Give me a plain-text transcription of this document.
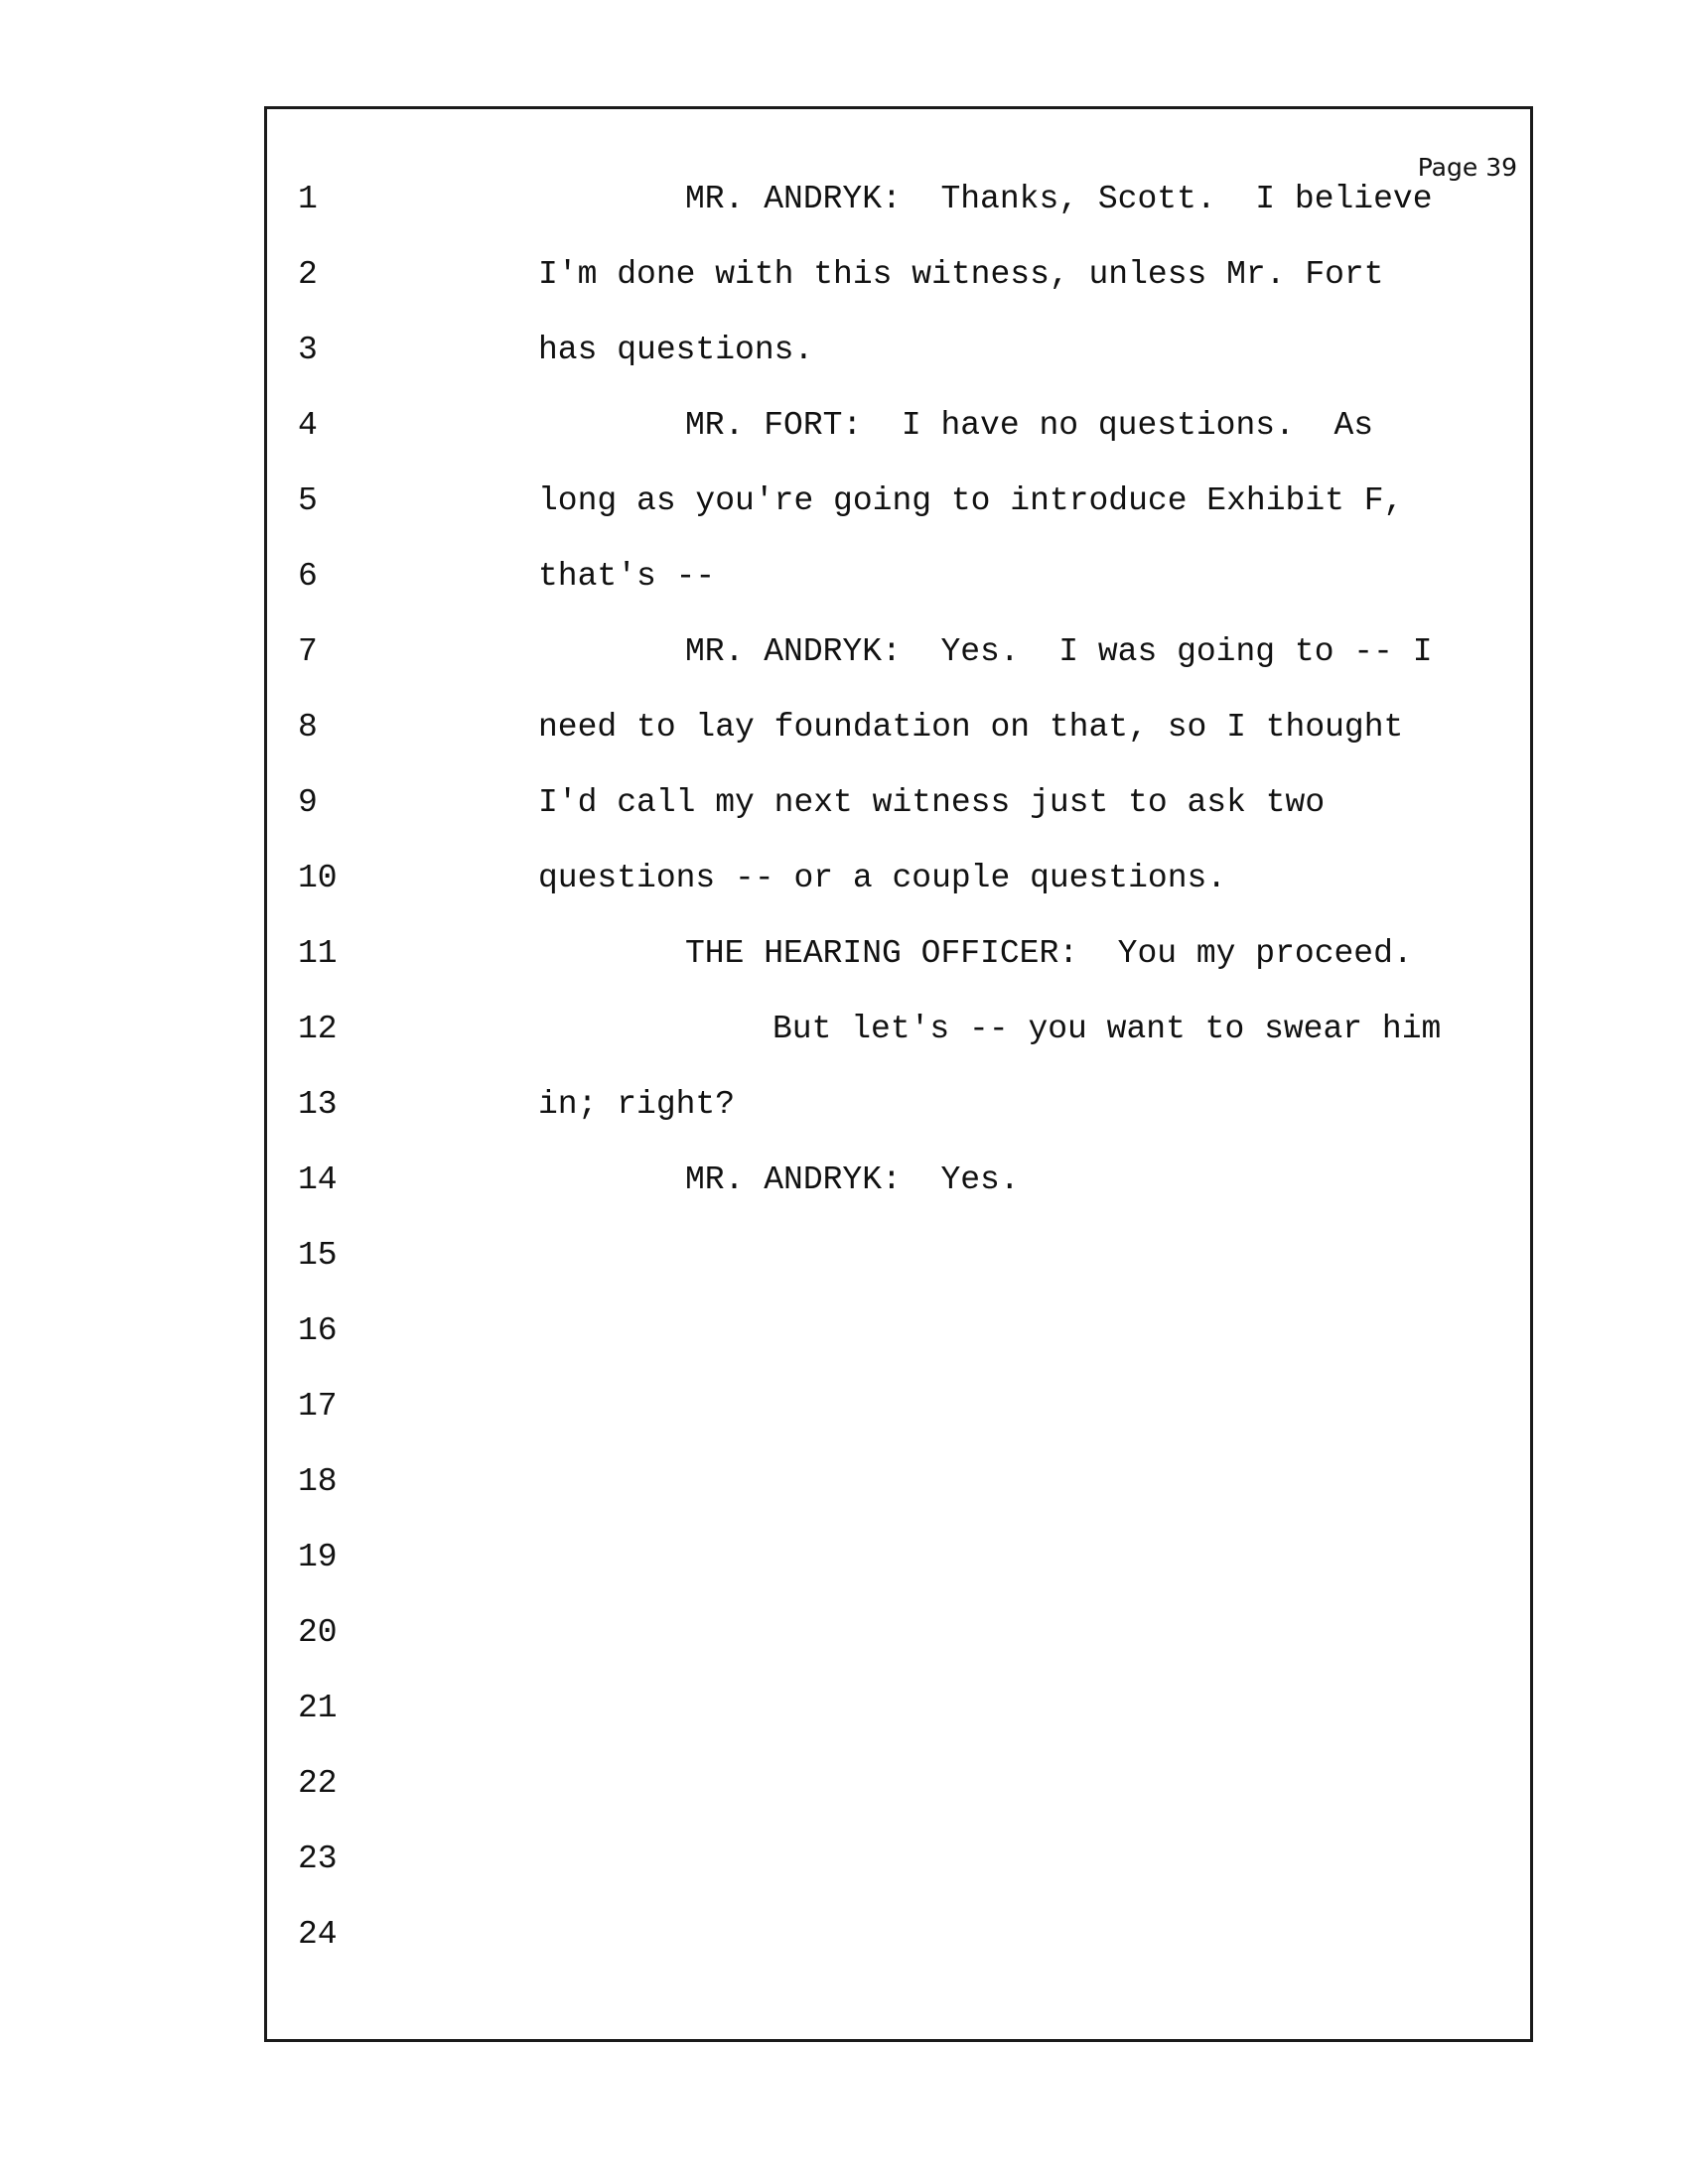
Page 39
1	MR. ANDRYK:  Thanks, Scott.  I believe
2	I'm done with this witness, unless Mr. Fort
3	has questions.
4	MR. FORT:  I have no questions.  As
5	long as you're going to introduce Exhibit F,
6	that's --
7	MR. ANDRYK:  Yes.  I was going to -- I
8	need to lay foundation on that, so I thought
9	I'd call my next witness just to ask two
10	questions -- or a couple questions.
11	THE HEARING OFFICER:  You my proceed.
12	But let's -- you want to swear him
13	in; right?
14	MR. ANDRYK:  Yes.
15
16
17
18
19
20
21
22
23
24
